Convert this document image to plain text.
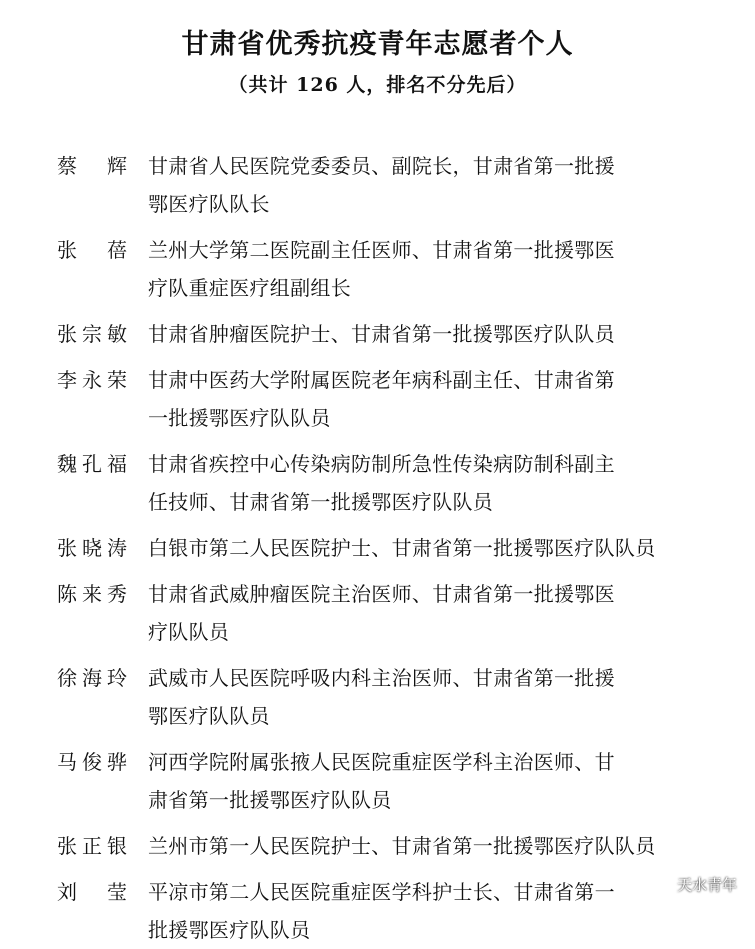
甘肃省优秀抗疫青年志愿者个人
（共计 126 人，排名不分先后）
蔡　辉 甘肃省人民医院党委委员、副院长，甘肃省第一批援
鄂医疗队队长
张　蓓 兰州大学第二医院副主任医师、甘肃省第一批援鄂医
疗队重症医疗组副组长
张宗敏 甘肃省肿瘤医院护士、甘肃省第一批援鄂医疗队队员
李永荣 甘肃中医药大学附属医院老年病科副主任、甘肃省第
一批援鄂医疗队队员
魏孔福 甘肃省疾控中心传染病防制所急性传染病防制科副主
任技师、甘肃省第一批援鄂医疗队队员
张晓涛 白银市第二人民医院护士、甘肃省第一批援鄂医疗队队员
陈来秀 甘肃省武威肿瘤医院主治医师、甘肃省第一批援鄂医
疗队队员
徐海玲 武威市人民医院呼吸内科主治医师、甘肃省第一批援
鄂医疗队队员
马俊骅 河西学院附属张掖人民医院重症医学科主治医师、甘
肃省第一批援鄂医疗队队员
张正银 兰州市第一人民医院护士、甘肃省第一批援鄂医疗队队员
刘　莹 平凉市第二人民医院重症医学科护士长、甘肃省第一
批援鄂医疗队队员
天水青年
